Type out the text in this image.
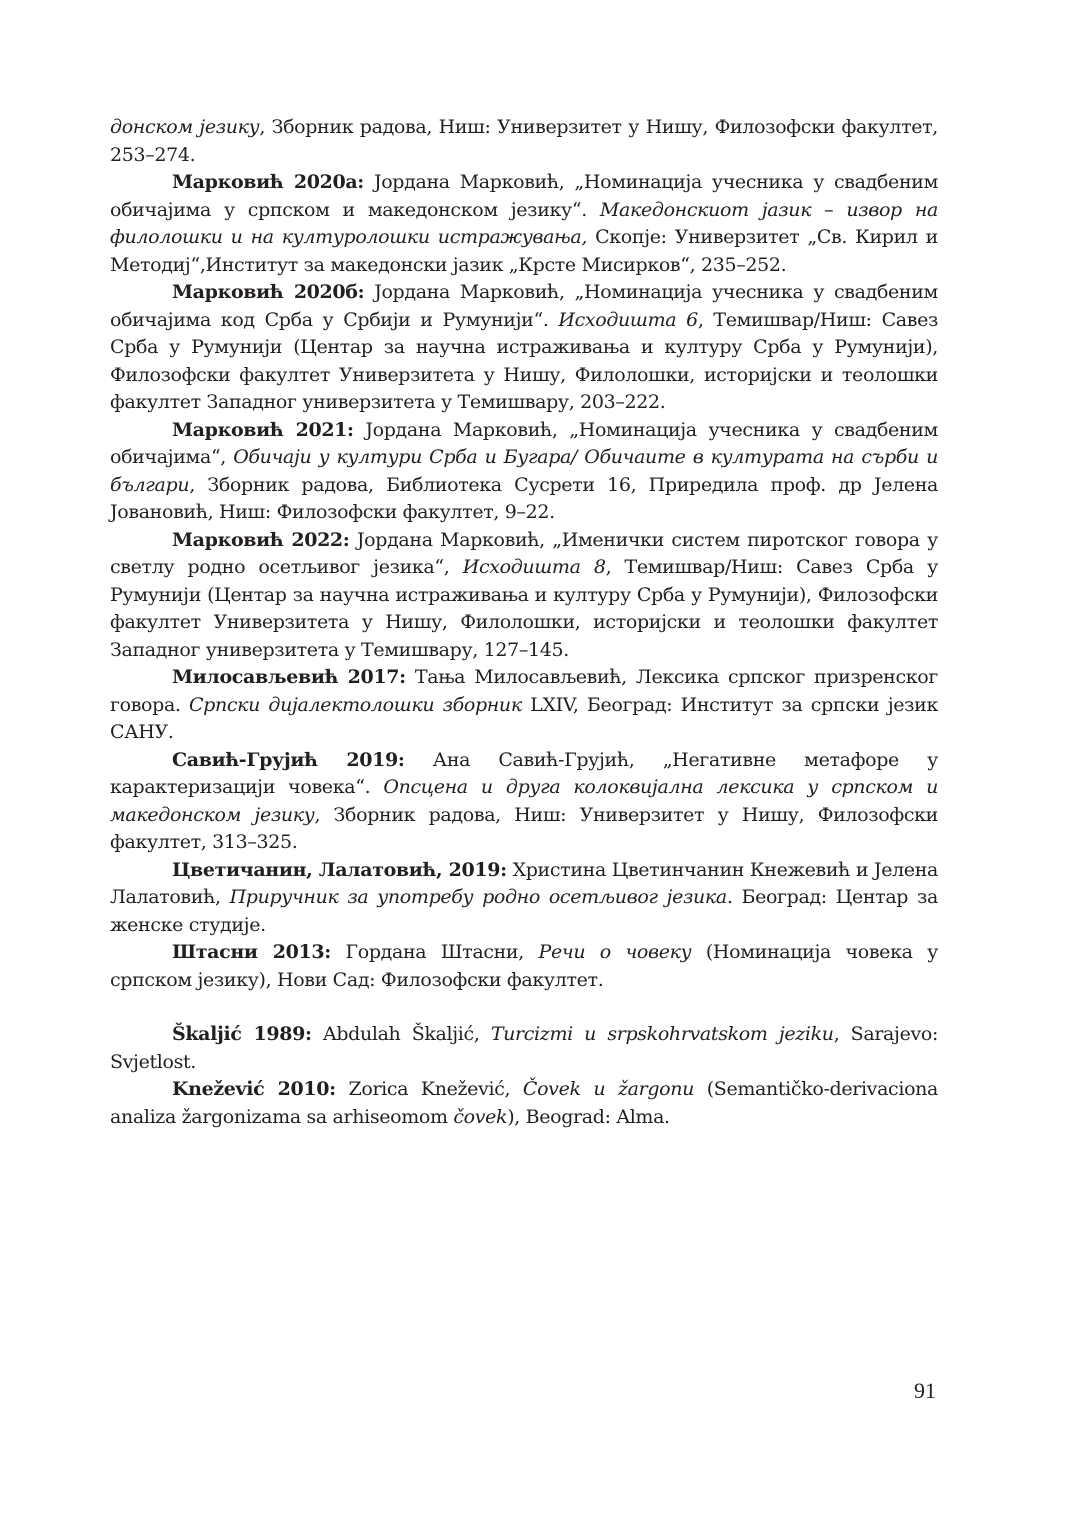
донском језику, Зборник радова, Ниш: Универзитет у Нишу, Филозофски факултет, 253–274.

Марковић 2020а: Јордана Марковић, „Номинација учесника у свадбеним обичајима у српском и македонском језику“. Македонскиот јазик – извор на филолошки и на културолошки истражувања, Скопје: Универзитет „Св. Кирил и Методиј“,Институт за македонски јазик „Крсте Мисирков“, 235–252.

Марковић 2020б: Јордана Марковић, „Номинација учесника у свадбеним обичајима код Срба у Србији и Румунији“. Исходишта 6, Темишвар/Ниш: Савез Срба у Румунији (Центар за научна истраживања и културу Срба у Румунији), Филозофски факултет Универзитета у Нишу, Филолошки, историјски и теолошки факултет Западног универзитета у Темишвару, 203–222.

Марковић 2021: Јордана Марковић, „Номинација учесника у свадбеним обичајима“, Обичаји у култури Срба и Бугара/ Обичаите в културата на сърби и българи, Зборник радова, Библиотека Сусрети 16, Приредила проф. др Јелена Јовановић, Ниш: Филозофски факултет, 9–22.

Марковић 2022: Јордана Марковић, „Именички систем пиротског говора у светлу родно осетљивог језика“, Исходишта 8, Темишвар/Ниш: Савез Срба у Румунији (Центар за научна истраживања и културу Срба у Румунији), Филозофски факултет Универзитета у Нишу, Филолошки, историјски и теолошки факултет Западног универзитета у Темишвару, 127–145.

Милосављевић 2017: Тања Милосављевић, Лексика српског призренског говора. Српски дијалектолошки зборник LXIV, Београд: Институт за српски језик САНУ.

Савић-Грујић 2019: Ана Савић-Грујић, „Негативне метафоре у карактеризацији човека“. Опсцена и друга колоквијална лексика у српском и македонском језику, Зборник радова, Ниш: Универзитет у Нишу, Филозофски факултет, 313–325.

Цветичанин, Лалатовић, 2019: Христина Цветинчанин Кнежевић и Јелена Лалатовић, Приручник за употребу родно осетљивог језика. Београд: Центар за женске студије.

Штасни 2013: Гордана Штасни, Речи о човеку (Номинација човека у српском језику), Нови Сад: Филозофски факултет.

Škaljić 1989: Abdulah Škaljić, Turcizmi u srpskohrvatskom jeziku, Sarajevo: Svjetlost.

Knežević 2010: Zorica Knežević, Čovek u žargonu (Semantičko-derivaciona analiza žargonizama sa arhiseomom čovek), Beograd: Alma.

91
